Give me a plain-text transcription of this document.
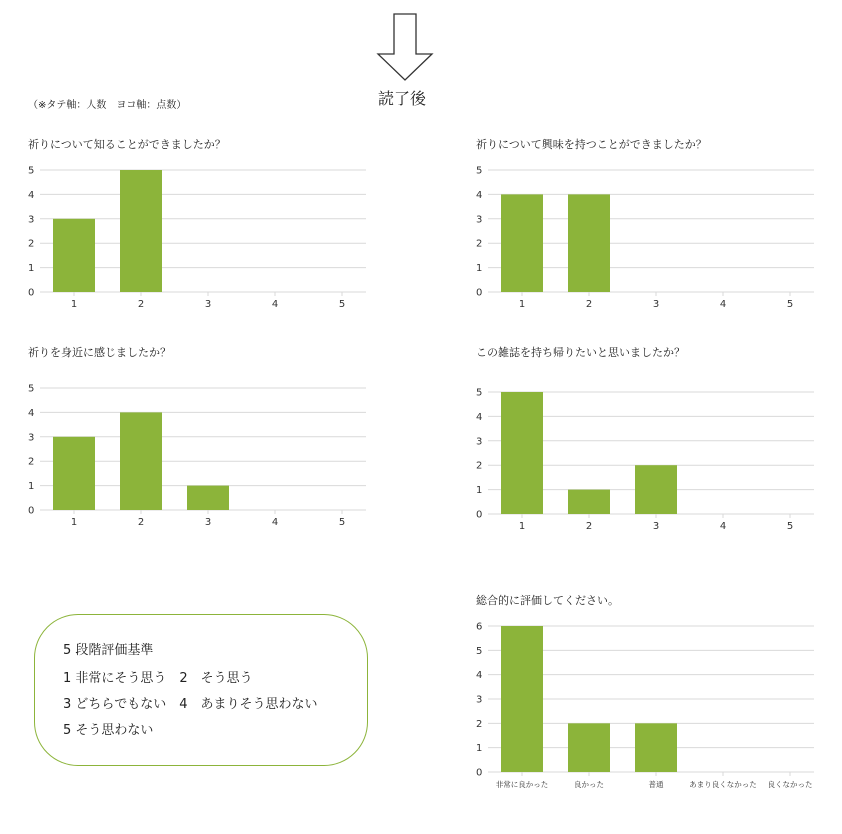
読了後
（※タテ軸：人数　ヨコ軸：点数）
祈りについて知ることができましたか？	祈りについて興味を持つことができましたか？
祈りを身近に感じましたか？	この雑誌を持ち帰りたいと思いましたか？
総合的に評価してください。
0
1
2
3
4
5
1	2	3	4	5
0
1
2
3
4
5
1	2	3	4	5
0
1
2
3
4
5
1	2	3	4	5
0
1
2
3
4
5
1	2	3	4	5
0
1
2
3
4
5
6
非常に良かった	良かった	普通	あまり良くなかった 良くなかった
5 段階評価基準
1 非常にそう思う　2　そう思う
3 どちらでもない　4　あまりそう思わない
5 そう思わない
